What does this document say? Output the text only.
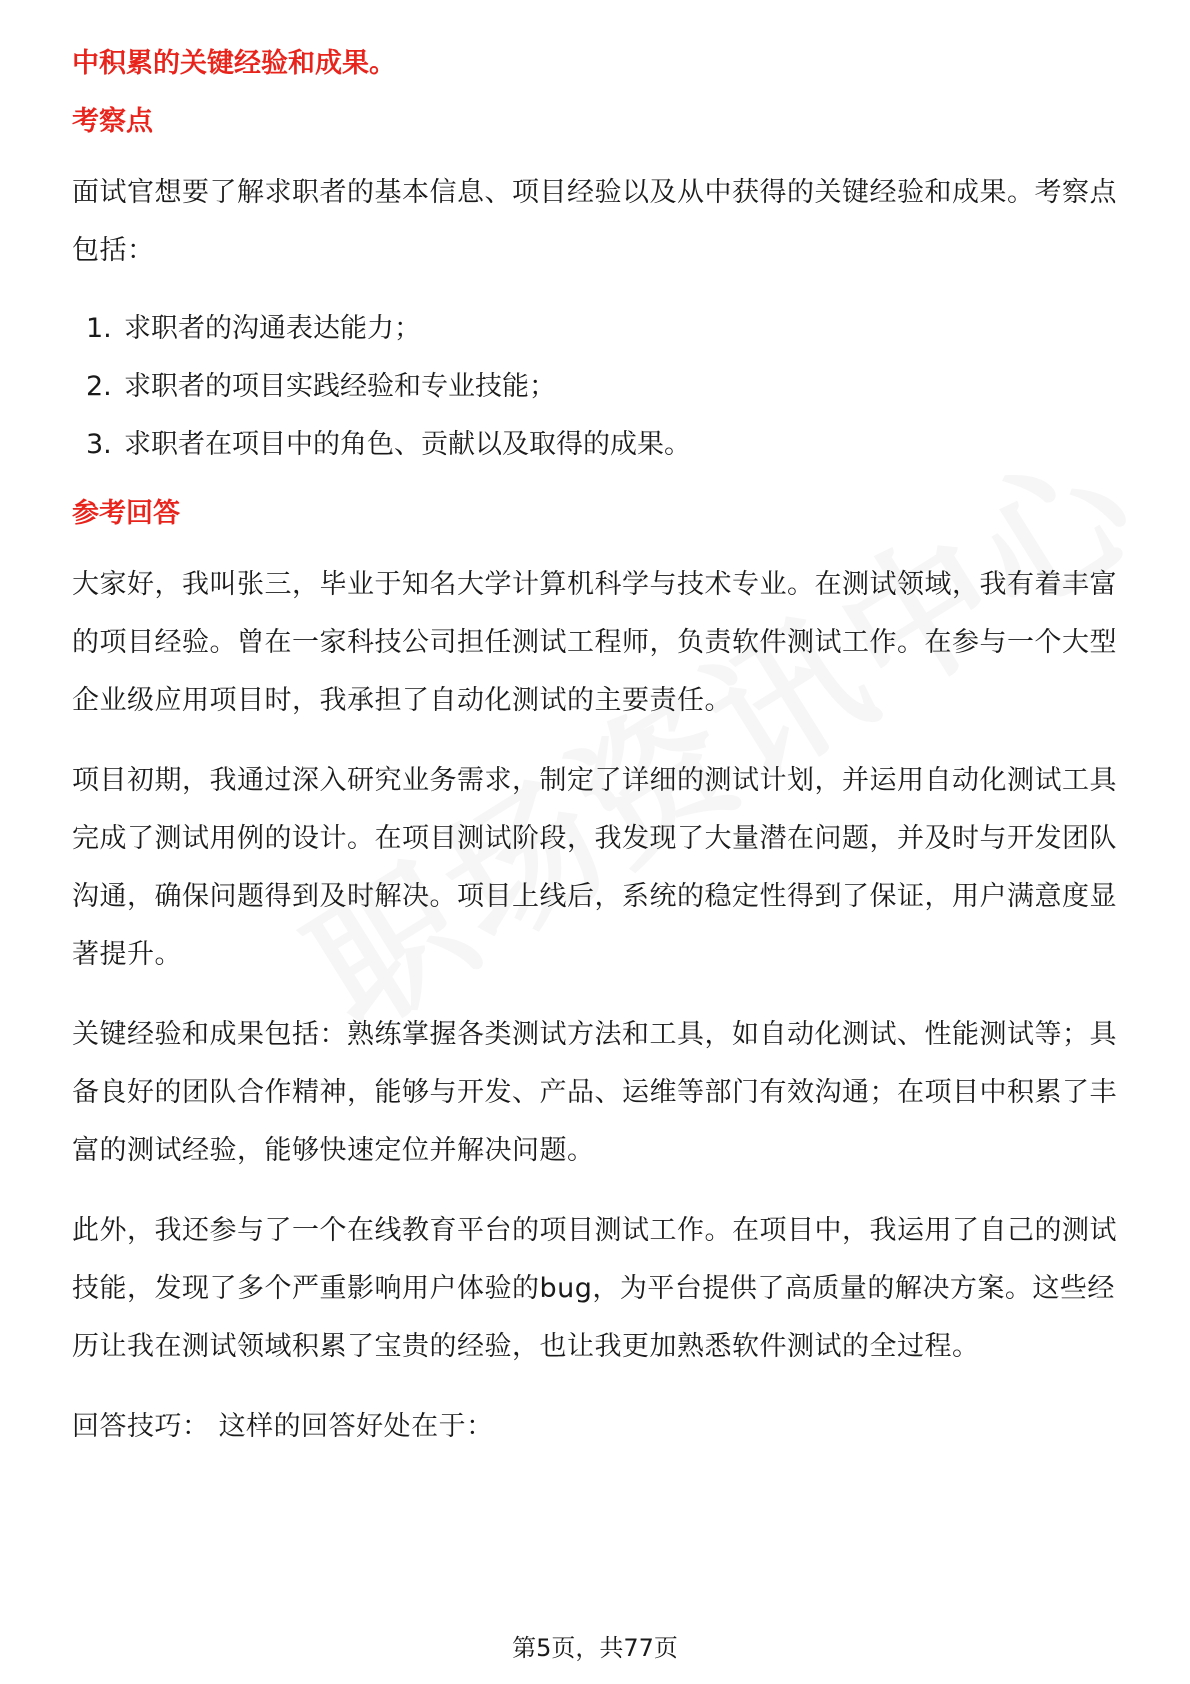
中积累的关键经验和成果。
考察点

面试官想要了解求职者的基本信息、项目经验以及从中获得的关键经验和成果。考察点包括：

1. 求职者的沟通表达能力；
2. 求职者的项目实践经验和专业技能；
3. 求职者在项目中的角色、贡献以及取得的成果。
参考回答

大家好，我叫张三，毕业于知名大学计算机科学与技术专业。在测试领域，我有着丰富的项目经验。曾在一家科技公司担任测试工程师，负责软件测试工作。在参与一个大型企业级应用项目时，我承担了自动化测试的主要责任。

项目初期，我通过深入研究业务需求，制定了详细的测试计划，并运用自动化测试工具完成了测试用例的设计。在项目测试阶段，我发现了大量潜在问题，并及时与开发团队沟通，确保问题得到及时解决。项目上线后，系统的稳定性得到了保证，用户满意度显著提升。

关键经验和成果包括：熟练掌握各类测试方法和工具，如自动化测试、性能测试等；具备良好的团队合作精神，能够与开发、产品、运维等部门有效沟通；在项目中积累了丰富的测试经验，能够快速定位并解决问题。

此外，我还参与了一个在线教育平台的项目测试工作。在项目中，我运用了自己的测试技能，发现了多个严重影响用户体验的bug，为平台提供了高质量的解决方案。这些经历让我在测试领域积累了宝贵的经验，也让我更加熟悉软件测试的全过程。

回答技巧： 这样的回答好处在于：

第5页，共77页
